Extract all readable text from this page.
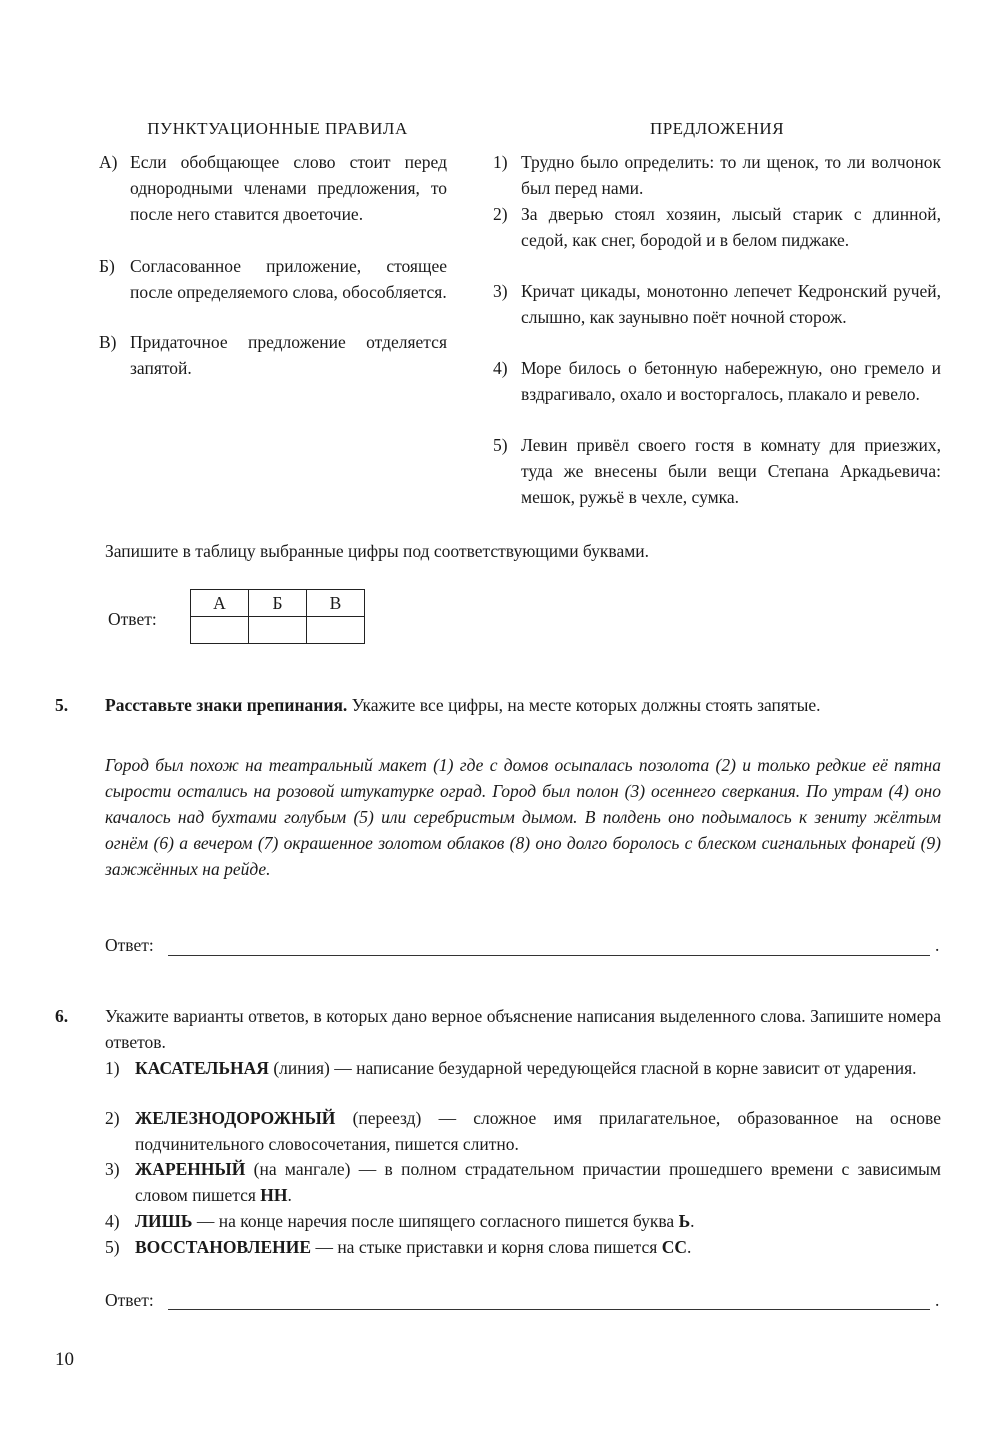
ПУНКТУАЦИОННЫЕ ПРАВИЛА	ПРЕДЛОЖЕНИЯ
А) Если обобщающее слово стоит перед однородными членами предложения, то после него ставится двоеточие.
Б) Согласованное приложение, стоящее после определяемого слова, обособляется.
В) Придаточное предложение отделяется запятой.
1) Трудно было определить: то ли щенок, то ли волчонок был перед нами.
2) За дверью стоял хозяин, лысый старик с длинной, седой, как снег, бородой и в белом пиджаке.
3) Кричат цикады, монотонно лепечет Кедронский ручей, слышно, как заунывно поёт ночной сторож.
4) Море билось о бетонную набережную, оно гремело и вздрагивало, охало и восторгалось, плакало и ревело.
5) Левин привёл своего гостя в комнату для приезжих, туда же внесены были вещи Степана Аркадьевича: мешок, ружьё в чехле, сумка.
Запишите в таблицу выбранные цифры под соответствующими буквами.
Ответ:
А	Б	В

5. Расставьте знаки препинания. Укажите все цифры, на месте которых должны стоять запятые.
Город был похож на театральный макет (1) где с домов осыпалась позолота (2) и только редкие её пятна сырости остались на розовой штукатурке оград. Город был полон (3) осеннего сверкания. По утрам (4) оно качалось над бухтами голубым (5) или серебристым дымом. В полдень оно подымалось к зениту жёлтым огнём (6) а вечером (7) окрашенное золотом облаков (8) оно долго боролось с блеском сигнальных фонарей (9) зажжённых на рейде.
Ответ:	.
6. Укажите варианты ответов, в которых дано верное объяснение написания выделенного слова. Запишите номера ответов.
1) КАСАТЕЛЬНАЯ (линия) — написание безударной чередующейся гласной в корне зависит от ударения.
2) ЖЕЛЕЗНОДОРОЖНЫЙ (переезд) — сложное имя прилагательное, образованное на основе подчинительного словосочетания, пишется слитно.
3) ЖАРЕННЫЙ (на мангале) — в полном страдательном причастии прошедшего времени с зависимым словом пишется НН.
4) ЛИШЬ — на конце наречия после шипящего согласного пишется буква Ь.
5) ВОССТАНОВЛЕНИЕ — на стыке приставки и корня слова пишется СС.
Ответ:	.
10
